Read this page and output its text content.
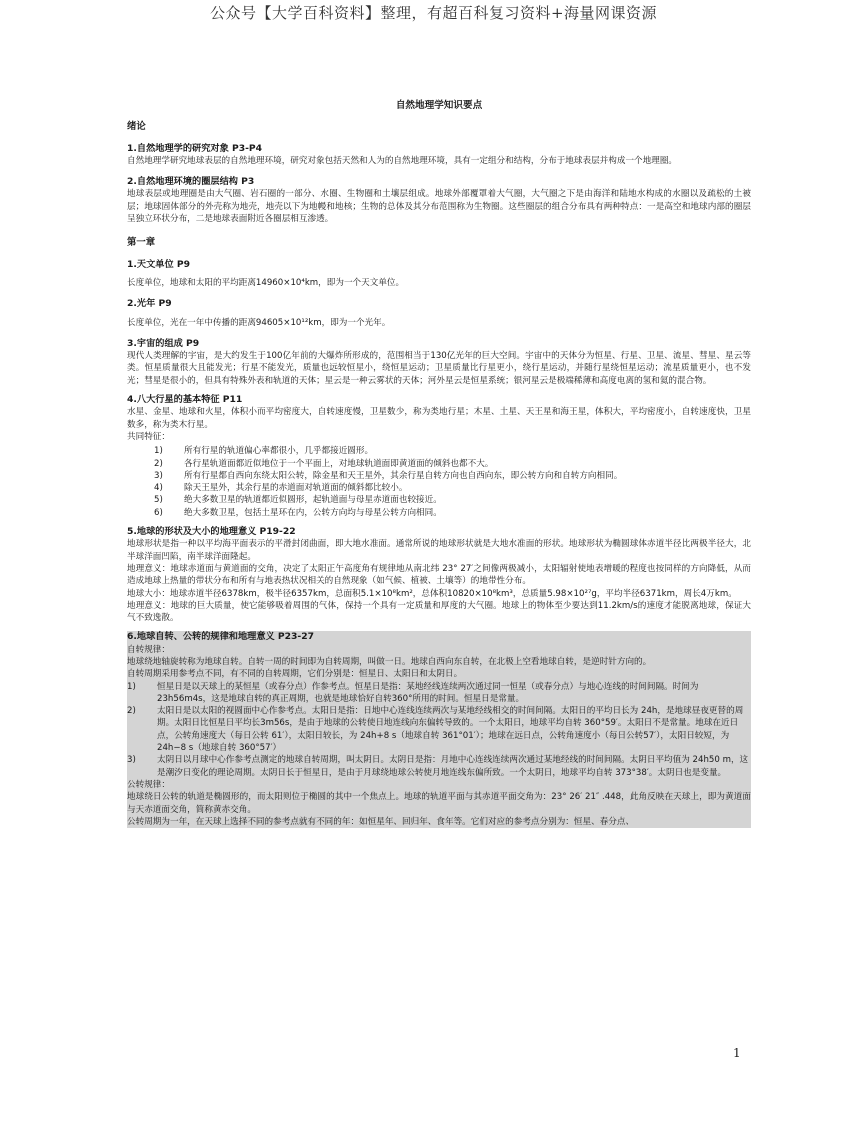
公众号【大学百科资料】整理，有超百科复习资料+海量网课资源
自然地理学知识要点
绪论
1.自然地理学的研究对象 P3-P4

自然地理学研究地球表层的自然地理环境，研究对象包括天然和人为的自然地理环境，具有一定组分和结构，分布于地球表层并构成一个地理圈。

2.自然地理环境的圈层结构 P3

地球表层或地理圈是由大气圈、岩石圈的一部分、水圈、生物圈和土壤层组成。地球外部覆罩着大气圈，大气圈之下是由海洋和陆地水构成的水圈以及疏松的土被层；地球固体部分的外壳称为地壳，地壳以下为地幔和地核；生物的总体及其分布范围称为生物圈。这些圈层的组合分布具有两种特点：一是高空和地球内部的圈层呈独立环状分布，二是地球表面附近各圈层相互渗透。

第一章
1.天文单位 P9

长度单位，地球和太阳的平均距离14960×10⁴km，即为一个天文单位。

2.光年 P9

长度单位，光在一年中传播的距离94605×10¹²km，即为一个光年。

3.宇宙的组成 P9

现代人类理解的宇宙，是大约发生于100亿年前的大爆炸所形成的，范围相当于130亿光年的巨大空间。宇宙中的天体分为恒星、行星、卫星、流星、彗星、星云等类。恒星质量很大且能发光；行星不能发光，质量也远较恒星小，绕恒星运动；卫星质量比行星更小，绕行星运动，并随行星绕恒星运动；流星质量更小，也不发光；彗星是很小的，但具有特殊外表和轨道的天体；星云是一种云雾状的天体；河外星云是恒星系统；银河星云是极端稀薄和高度电离的氢和氦的混合物。

4.八大行星的基本特征 P11

水星、金星、地球和火星，体积小而平均密度大，自转速度慢，卫星数少，称为类地行星；木星、土星、天王星和海王星，体积大，平均密度小，自转速度快，卫星数多，称为类木行星。

共同特征：

1) 所有行星的轨道偏心率都很小，几乎都接近圆形。
2) 各行星轨道面都近似地位于一个平面上，对地球轨道面即黄道面的倾斜也都不大。
3) 所有行星都自西向东绕太阳公转，除金星和天王星外，其余行星自转方向也自西向东，即公转方向和自转方向相同。
4) 除天王星外，其余行星的赤道面对轨道面的倾斜都比较小。
5) 绝大多数卫星的轨道都近似圆形，起轨道面与母星赤道面也较接近。
6) 绝大多数卫星，包括土星环在内，公转方向均与母星公转方向相同。
5.地球的形状及大小的地理意义 P19-22

地球形状是指一种以平均海平面表示的平滑封闭曲面，即大地水准面。通常所说的地球形状就是大地水准面的形状。地球形状为椭圆球体赤道半径比两极半径大，北半球洋面凹陷，南半球洋面隆起。

地理意义：地球赤道面与黄道面的交角，决定了太阳正午高度角有规律地从南北纬 23° 27′之间像两极减小，太阳辐射使地表增暖的程度也按同样的方向降低，从而造成地球上热量的带状分布和所有与地表热状况相关的自然现象（如气候、植被、土壤等）的地带性分布。

地球大小：地球赤道半径6378km，极半径6357km，总面积5.1×10⁸km²，总体积10820×10⁸km³，总质量5.98×10²⁷g，平均半径6371km，周长4万km。

地理意义：地球的巨大质量，使它能够吸着周围的气体，保持一个具有一定质量和厚度的大气圈。地球上的物体至少要达到11.2km/s的速度才能脱离地球，保证大气不致逸散。

6.地球自转、公转的规律和地理意义 P23-27

自转规律：

地球绕地轴旋转称为地球自转。自转一周的时间即为自转周期，叫做一日。地球自西向东自转，在北极上空看地球自转，是逆时针方向的。

自转周期采用参考点不同，有不同的自转周期，它们分别是：恒星日、太阳日和太阴日。

1) 恒星日是以天球上的某恒星（或春分点）作参考点。恒星日是指：某地经线连续两次通过同一恒星（或春分点）与地心连线的时间间隔。时间为 23h56m4s，这是地球自转的真正周期，也就是地球恰好自转360°所用的时间。恒星日是常量。
2) 太阳日是以太阳的视圆面中心作参考点。太阳日是指：日地中心连线连续两次与某地经线相交的时间间隔。太阳日的平均日长为 24h，是地球昼夜更替的周期。太阳日比恒星日平均长3m56s，是由于地球的公转使日地连线向东偏转导致的。一个太阳日，地球平均自转 360°59′。太阳日不是常量。地球在近日点，公转角速度大（每日公转 61′），太阳日较长，为 24h+8 s（地球自转 361°01′）；地球在远日点，公转角速度小（每日公转57′），太阳日较短，为 24h−8 s（地球自转 360°57′）
3) 太阴日以月球中心作参考点测定的地球自转周期，叫太阴日。太阴日是指：月地中心连线连续两次通过某地经线的时间间隔。太阴日平均值为 24h50 m，这是潮汐日变化的理论周期。太阴日长于恒星日，是由于月球绕地球公转使月地连线东偏所致。一个太阴日，地球平均自转 373°38′。太阴日也是变量。

公转规律：

地球绕日公转的轨道是椭圆形的，而太阳则位于椭圆的其中一个焦点上。地球的轨道平面与其赤道平面交角为：23° 26′ 21″ .448，此角反映在天球上，即为黄道面与天赤道面交角，简称黄赤交角。

公转周期为一年，在天球上选择不同的参考点就有不同的年：如恒星年、回归年、食年等。它们对应的参考点分别为：恒星、春分点、

1
